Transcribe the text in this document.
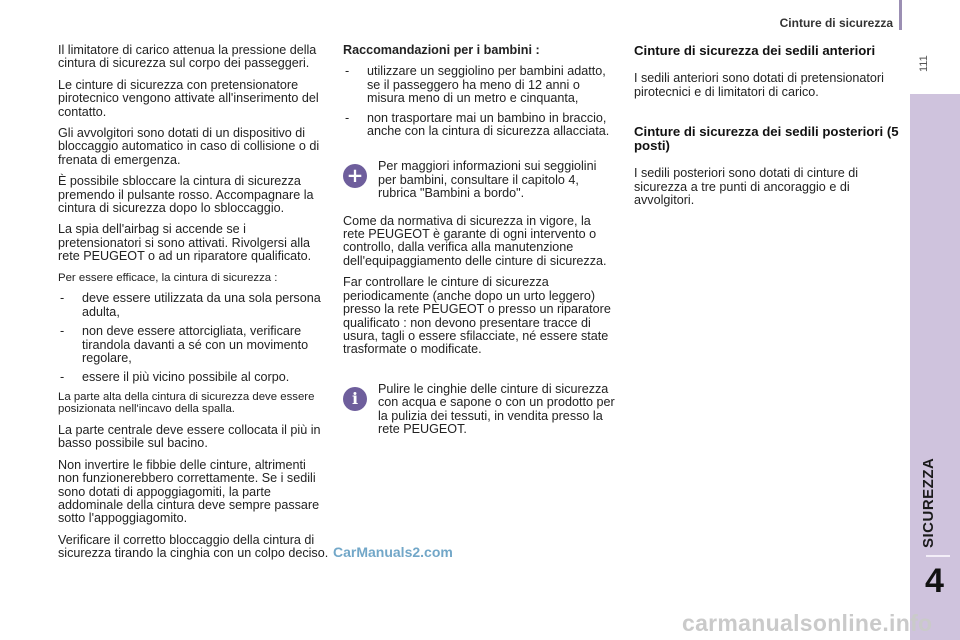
Cinture di sicurezza
111
SICUREZZA
4

Il limitatore di carico attenua la pressione della cintura di sicurezza sul corpo dei passeggeri.

Le cinture di sicurezza con pretensionatore pirotecnico vengono attivate all'inserimento del contatto.

Gli avvolgitori sono dotati di un dispositivo di bloccaggio automatico in caso di collisione o di frenata di emergenza.

È possibile sbloccare la cintura di sicurezza premendo il pulsante rosso. Accompagnare la cintura di sicurezza dopo lo sbloccaggio.

La spia dell'airbag si accende se i pretensionatori si sono attivati. Rivolgersi alla rete PEUGEOT o ad un riparatore qualificato.

Per essere efficace, la cintura di sicurezza :

- deve essere utilizzata da una sola persona adulta,
- non deve essere attorcigliata, verificare tirandola davanti a sé con un movimento regolare,
- essere il più vicino possibile al corpo.

La parte alta della cintura di sicurezza deve essere posizionata nell'incavo della spalla.

La parte centrale deve essere collocata il più in basso possibile sul bacino.

Non invertire le fibbie delle cinture, altrimenti non funzionerebbero correttamente. Se i sedili sono dotati di appoggiagomiti, la parte addominale della cintura deve sempre passare sotto l'appoggiagomito.

Verificare il corretto bloccaggio della cintura di sicurezza tirando la cinghia con un colpo deciso.

Raccomandazioni per i bambini :

- utilizzare un seggiolino per bambini adatto, se il passeggero ha meno di 12 anni o misura meno di un metro e cinquanta,
- non trasportare mai un bambino in braccio, anche con la cintura di sicurezza allacciata.
+ Per maggiori informazioni sui seggiolini per bambini, consultare il capitolo 4, rubrica "Bambini a bordo".

Come da normativa di sicurezza in vigore, la rete PEUGEOT è garante di ogni intervento o controllo, dalla verifica alla manutenzione dell'equipaggiamento delle cinture di sicurezza.

Far controllare le cinture di sicurezza periodicamente (anche dopo un urto leggero) presso la rete PEUGEOT o presso un riparatore qualificato : non devono presentare tracce di usura, tagli o essere sfilacciate, né essere state trasformate o modificate.

i	Pulire le cinghie delle cinture di sicurezza con acqua e sapone o con un prodotto per la pulizia dei tessuti, in vendita presso la rete PEUGEOT.
Cinture di sicurezza dei sedili anteriori

I sedili anteriori sono dotati di pretensionatori pirotecnici e di limitatori di carico.

Cinture di sicurezza dei sedili posteriori (5 posti)

I sedili posteriori sono dotati di cinture di sicurezza a tre punti di ancoraggio e di avvolgitori.

CarManuals2.com
carmanualsonline.info
